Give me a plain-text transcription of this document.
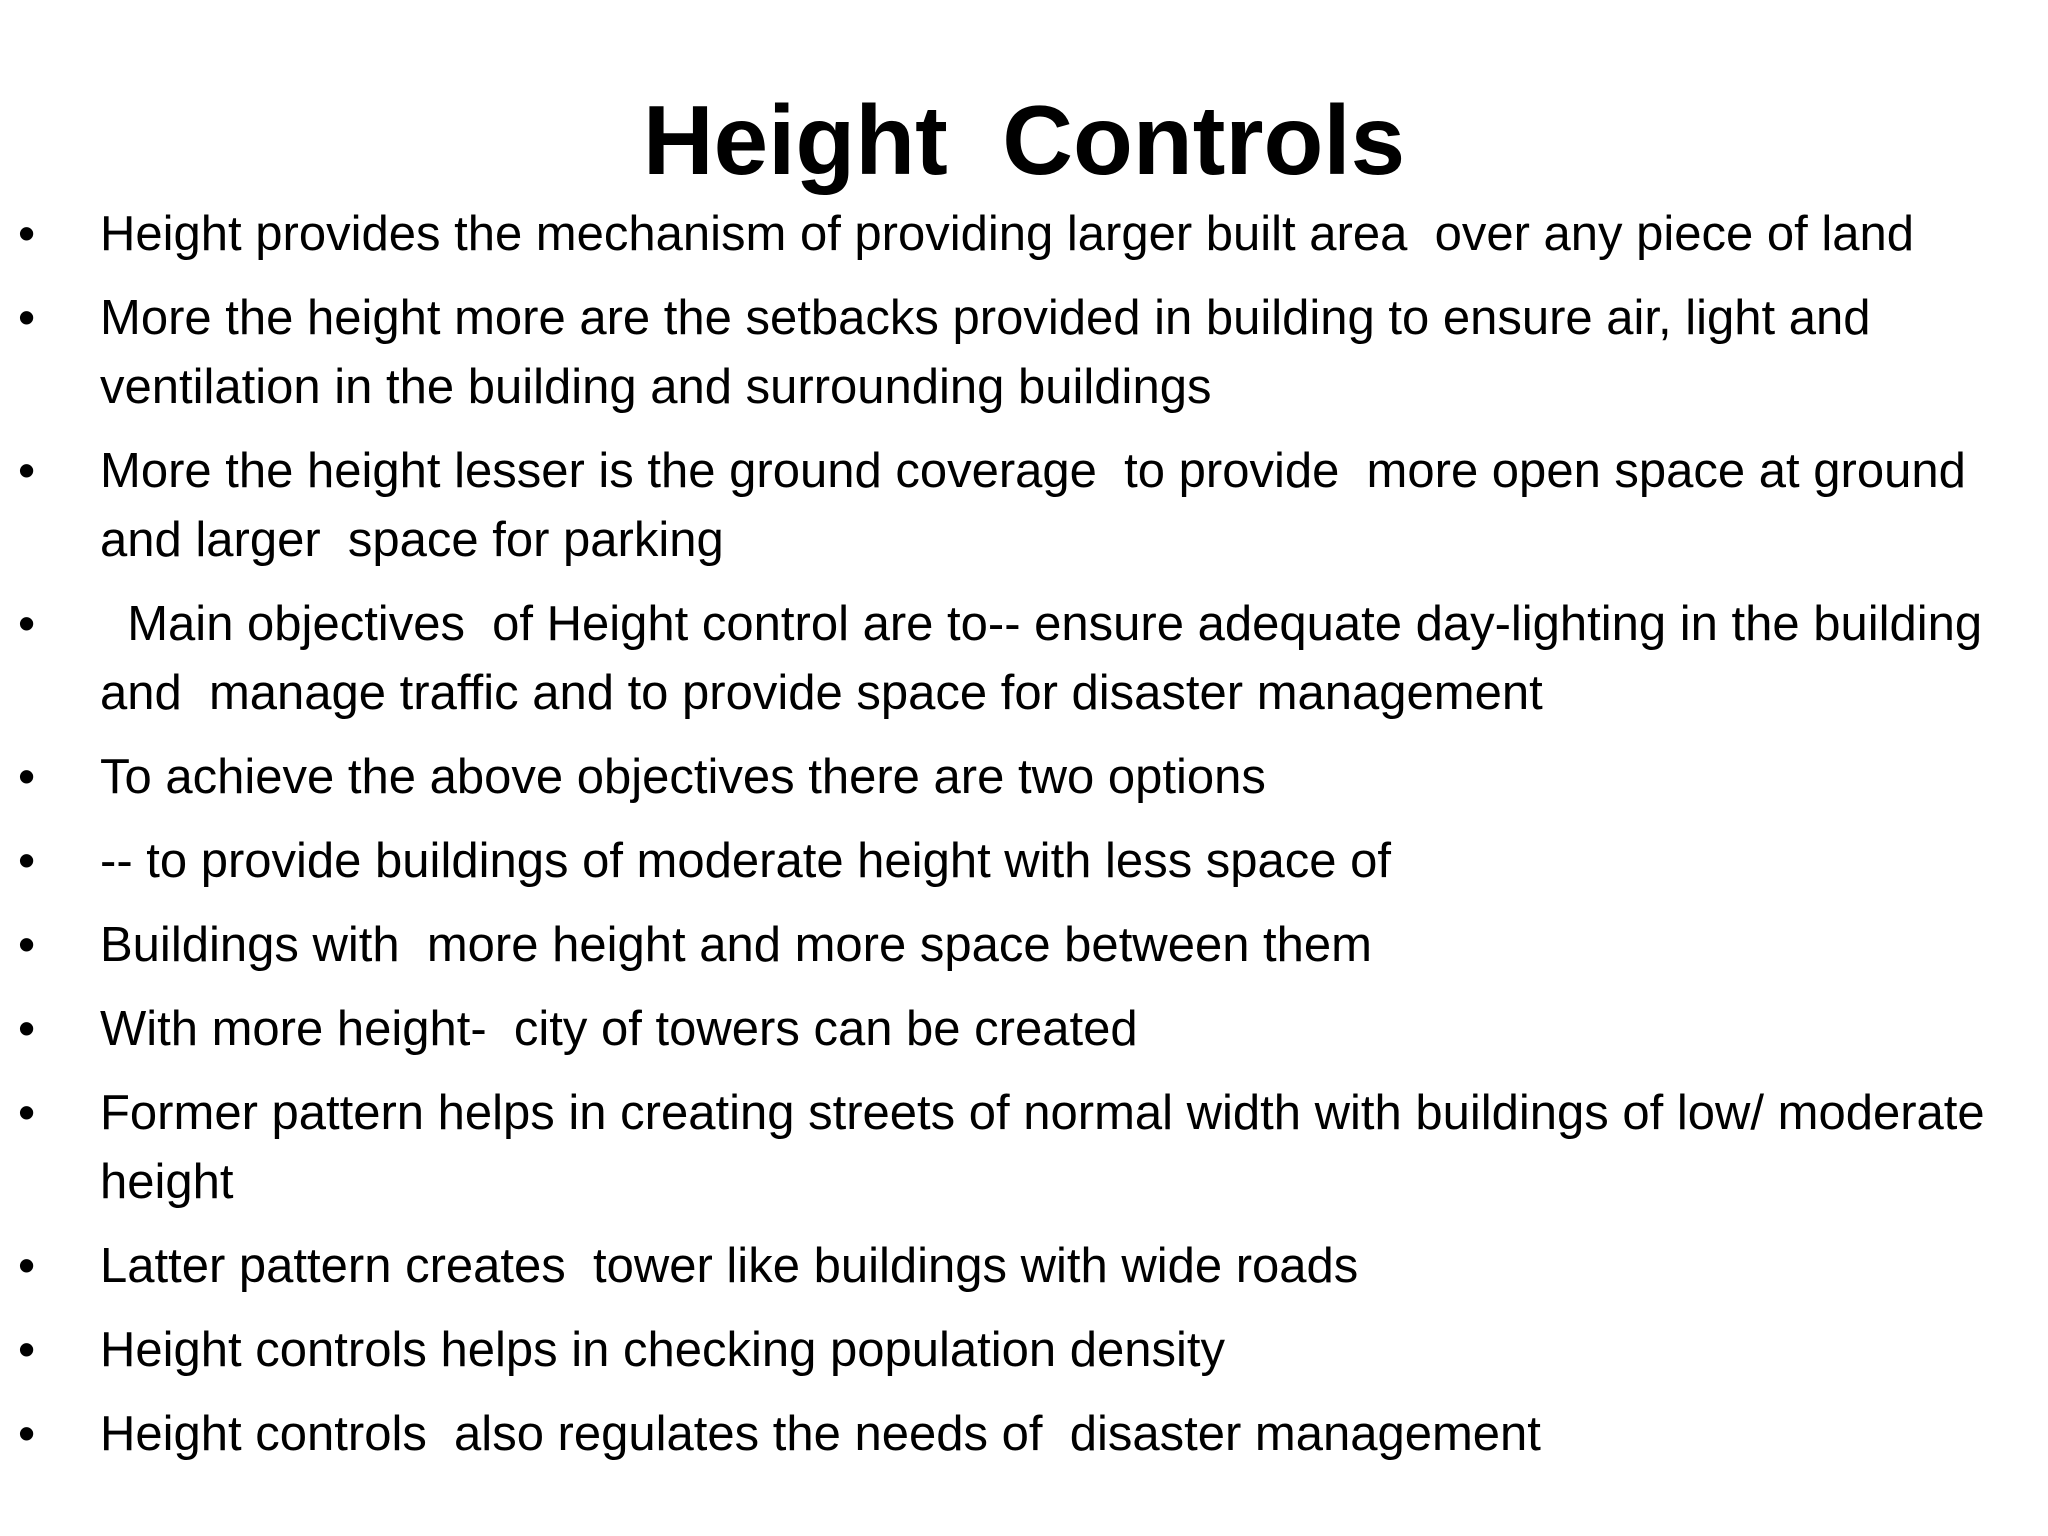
Height  Controls
• Height provides the mechanism of providing larger built area  over any piece of land
• More the height more are the setbacks provided in building to ensure air, light and ventilation in the building and surrounding buildings
• More the height lesser is the ground coverage  to provide  more open space at ground and larger  space for parking
• Main objectives  of Height control are to-- ensure adequate day-lighting in the building and  manage traffic and to provide space for disaster management
• To achieve the above objectives there are two options
• -- to provide buildings of moderate height with less space of
• Buildings with  more height and more space between them
• With more height-  city of towers can be created
• Former pattern helps in creating streets of normal width with buildings of low/ moderate height
• Latter pattern creates  tower like buildings with wide roads
• Height controls helps in checking population density
• Height controls  also regulates the needs of  disaster management
